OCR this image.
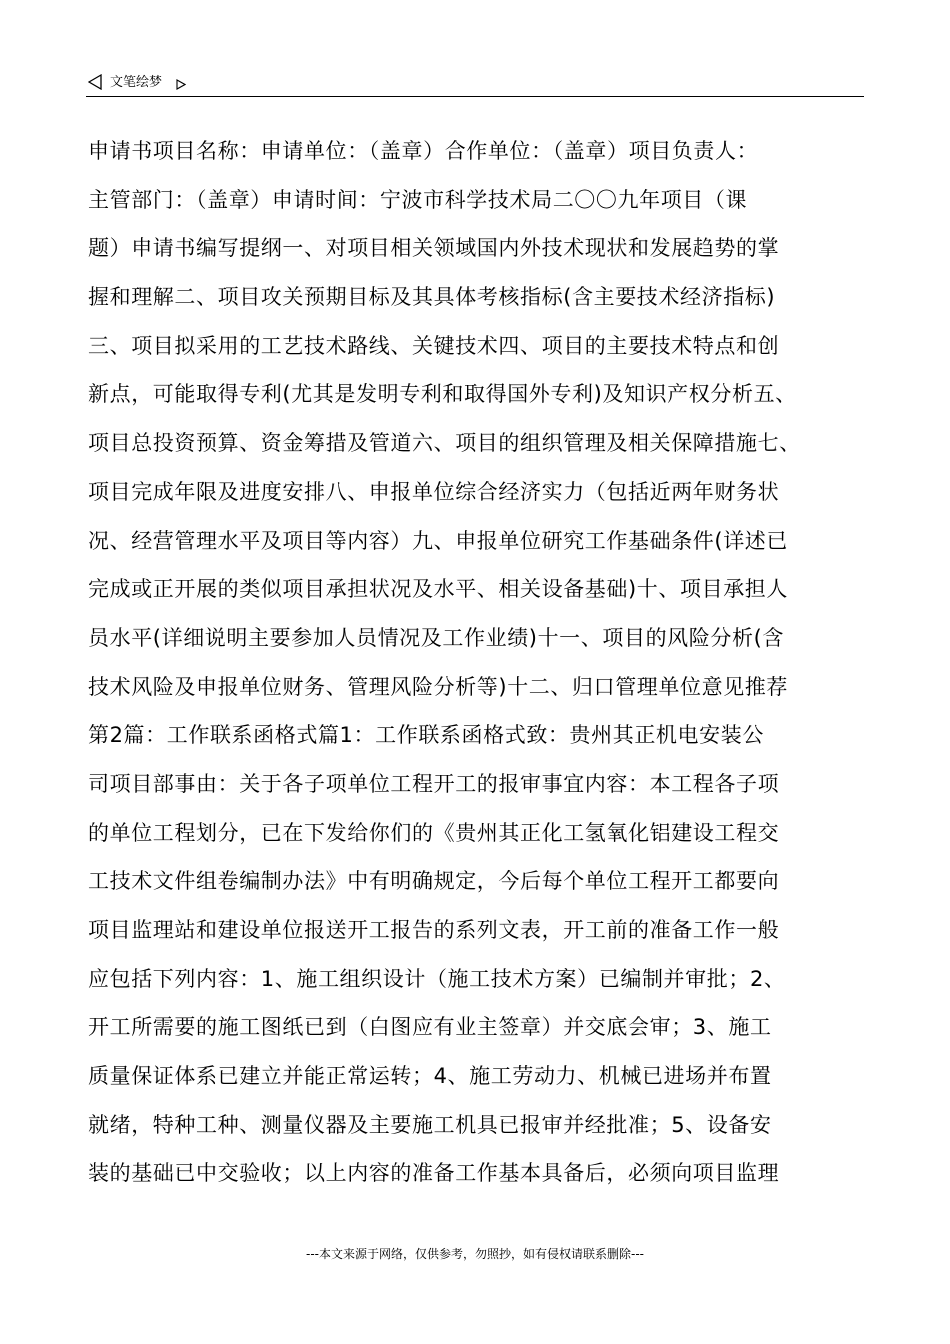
文笔绘梦
申请书项目名称：申请单位：（盖章）合作单位：（盖章）项目负责人：
主管部门：（盖章）申请时间：宁波市科学技术局二〇〇九年项目（课
题）申请书编写提纲一、对项目相关领域国内外技术现状和发展趋势的掌
握和理解二、项目攻关预期目标及其具体考核指标(含主要技术经济指标)
三、项目拟采用的工艺技术路线、关键技术四、项目的主要技术特点和创
新点，可能取得专利(尤其是发明专利和取得国外专利)及知识产权分析五、
项目总投资预算、资金筹措及管道六、项目的组织管理及相关保障措施七、
项目完成年限及进度安排八、申报单位综合经济实力（包括近两年财务状
况、经营管理水平及项目等内容）九、申报单位研究工作基础条件(详述已
完成或正开展的类似项目承担状况及水平、相关设备基础)十、项目承担人
员水平(详细说明主要参加人员情况及工作业绩)十一、项目的风险分析(含
技术风险及申报单位财务、管理风险分析等)十二、归口管理单位意见推荐
第2篇：工作联系函格式篇1：工作联系函格式致：贵州其正机电安装公
司项目部事由：关于各子项单位工程开工的报审事宜内容：本工程各子项
的单位工程划分，已在下发给你们的《贵州其正化工氢氧化铝建设工程交
工技术文件组卷编制办法》中有明确规定，今后每个单位工程开工都要向
项目监理站和建设单位报送开工报告的系列文表，开工前的准备工作一般
应包括下列内容：1、施工组织设计（施工技术方案）已编制并审批；2、
开工所需要的施工图纸已到（白图应有业主签章）并交底会审；3、施工
质量保证体系已建立并能正常运转；4、施工劳动力、机械已进场并布置
就绪，特种工种、测量仪器及主要施工机具已报审并经批准；5、设备安
装的基础已中交验收；以上内容的准备工作基本具备后，必须向项目监理
---本文来源于网络，仅供参考，勿照抄，如有侵权请联系删除---
